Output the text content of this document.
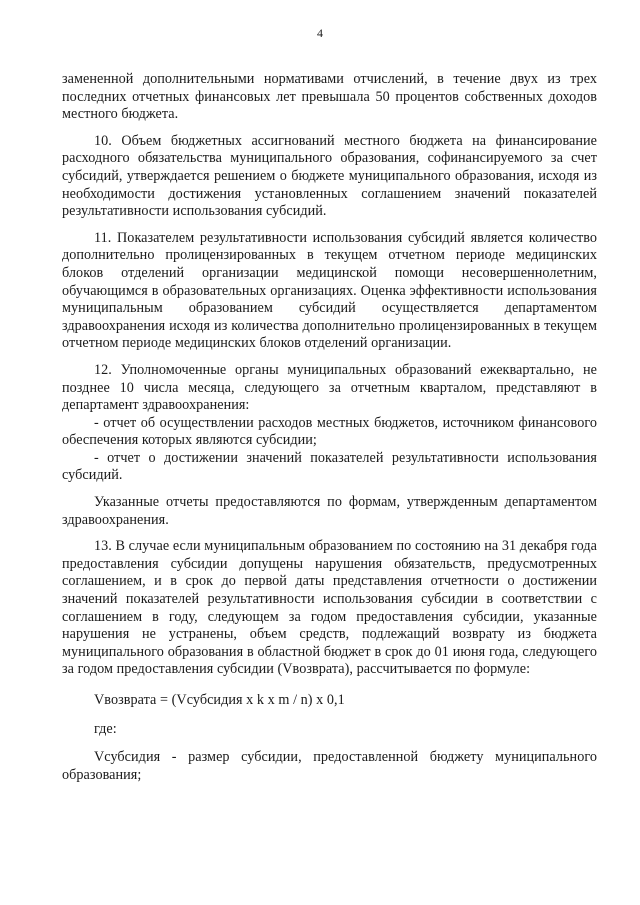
4

замененной дополнительными нормативами отчислений, в течение двух из трех последних отчетных финансовых лет превышала 50 процентов собственных доходов местного бюджета.

10. Объем бюджетных ассигнований местного бюджета на финансирование расходного обязательства муниципального образования, софинансируемого за счет субсидий, утверждается решением о бюджете муниципального образования, исходя из необходимости достижения установленных соглашением значений показателей результативности использования субсидий.

11. Показателем результативности использования субсидий является количество дополнительно пролицензированных в текущем отчетном периоде медицинских блоков отделений организации медицинской помощи несовершеннолетним, обучающимся в образовательных организациях. Оценка эффективности использования муниципальным образованием субсидий осуществляется департаментом здравоохранения исходя из количества дополнительно пролицензированных в текущем отчетном периоде медицинских блоков отделений организации.

12. Уполномоченные органы муниципальных образований ежеквартально, не позднее 10 числа месяца, следующего за отчетным кварталом, представляют в департамент здравоохранения:

- отчет об осуществлении расходов местных бюджетов, источником финансового обеспечения которых являются субсидии;

- отчет о достижении значений показателей результативности использования субсидий.

Указанные отчеты предоставляются по формам, утвержденным департаментом здравоохранения.

13. В случае если муниципальным образованием по состоянию на 31 декабря года предоставления субсидии допущены нарушения обязательств, предусмотренных соглашением, и в срок до первой даты представления отчетности о достижении значений показателей результативности использования субсидии в соответствии с соглашением в году, следующем за годом предоставления субсидии, указанные нарушения не устранены, объем средств, подлежащий возврату из бюджета муниципального образования в областной бюджет в срок до 01 июня года, следующего за годом предоставления субсидии (Vвозврата), рассчитывается по формуле:

Vвозврата = (Vсубсидия x k x m / n) x 0,1

где:

Vсубсидия - размер субсидии, предоставленной бюджету муниципального образования;
